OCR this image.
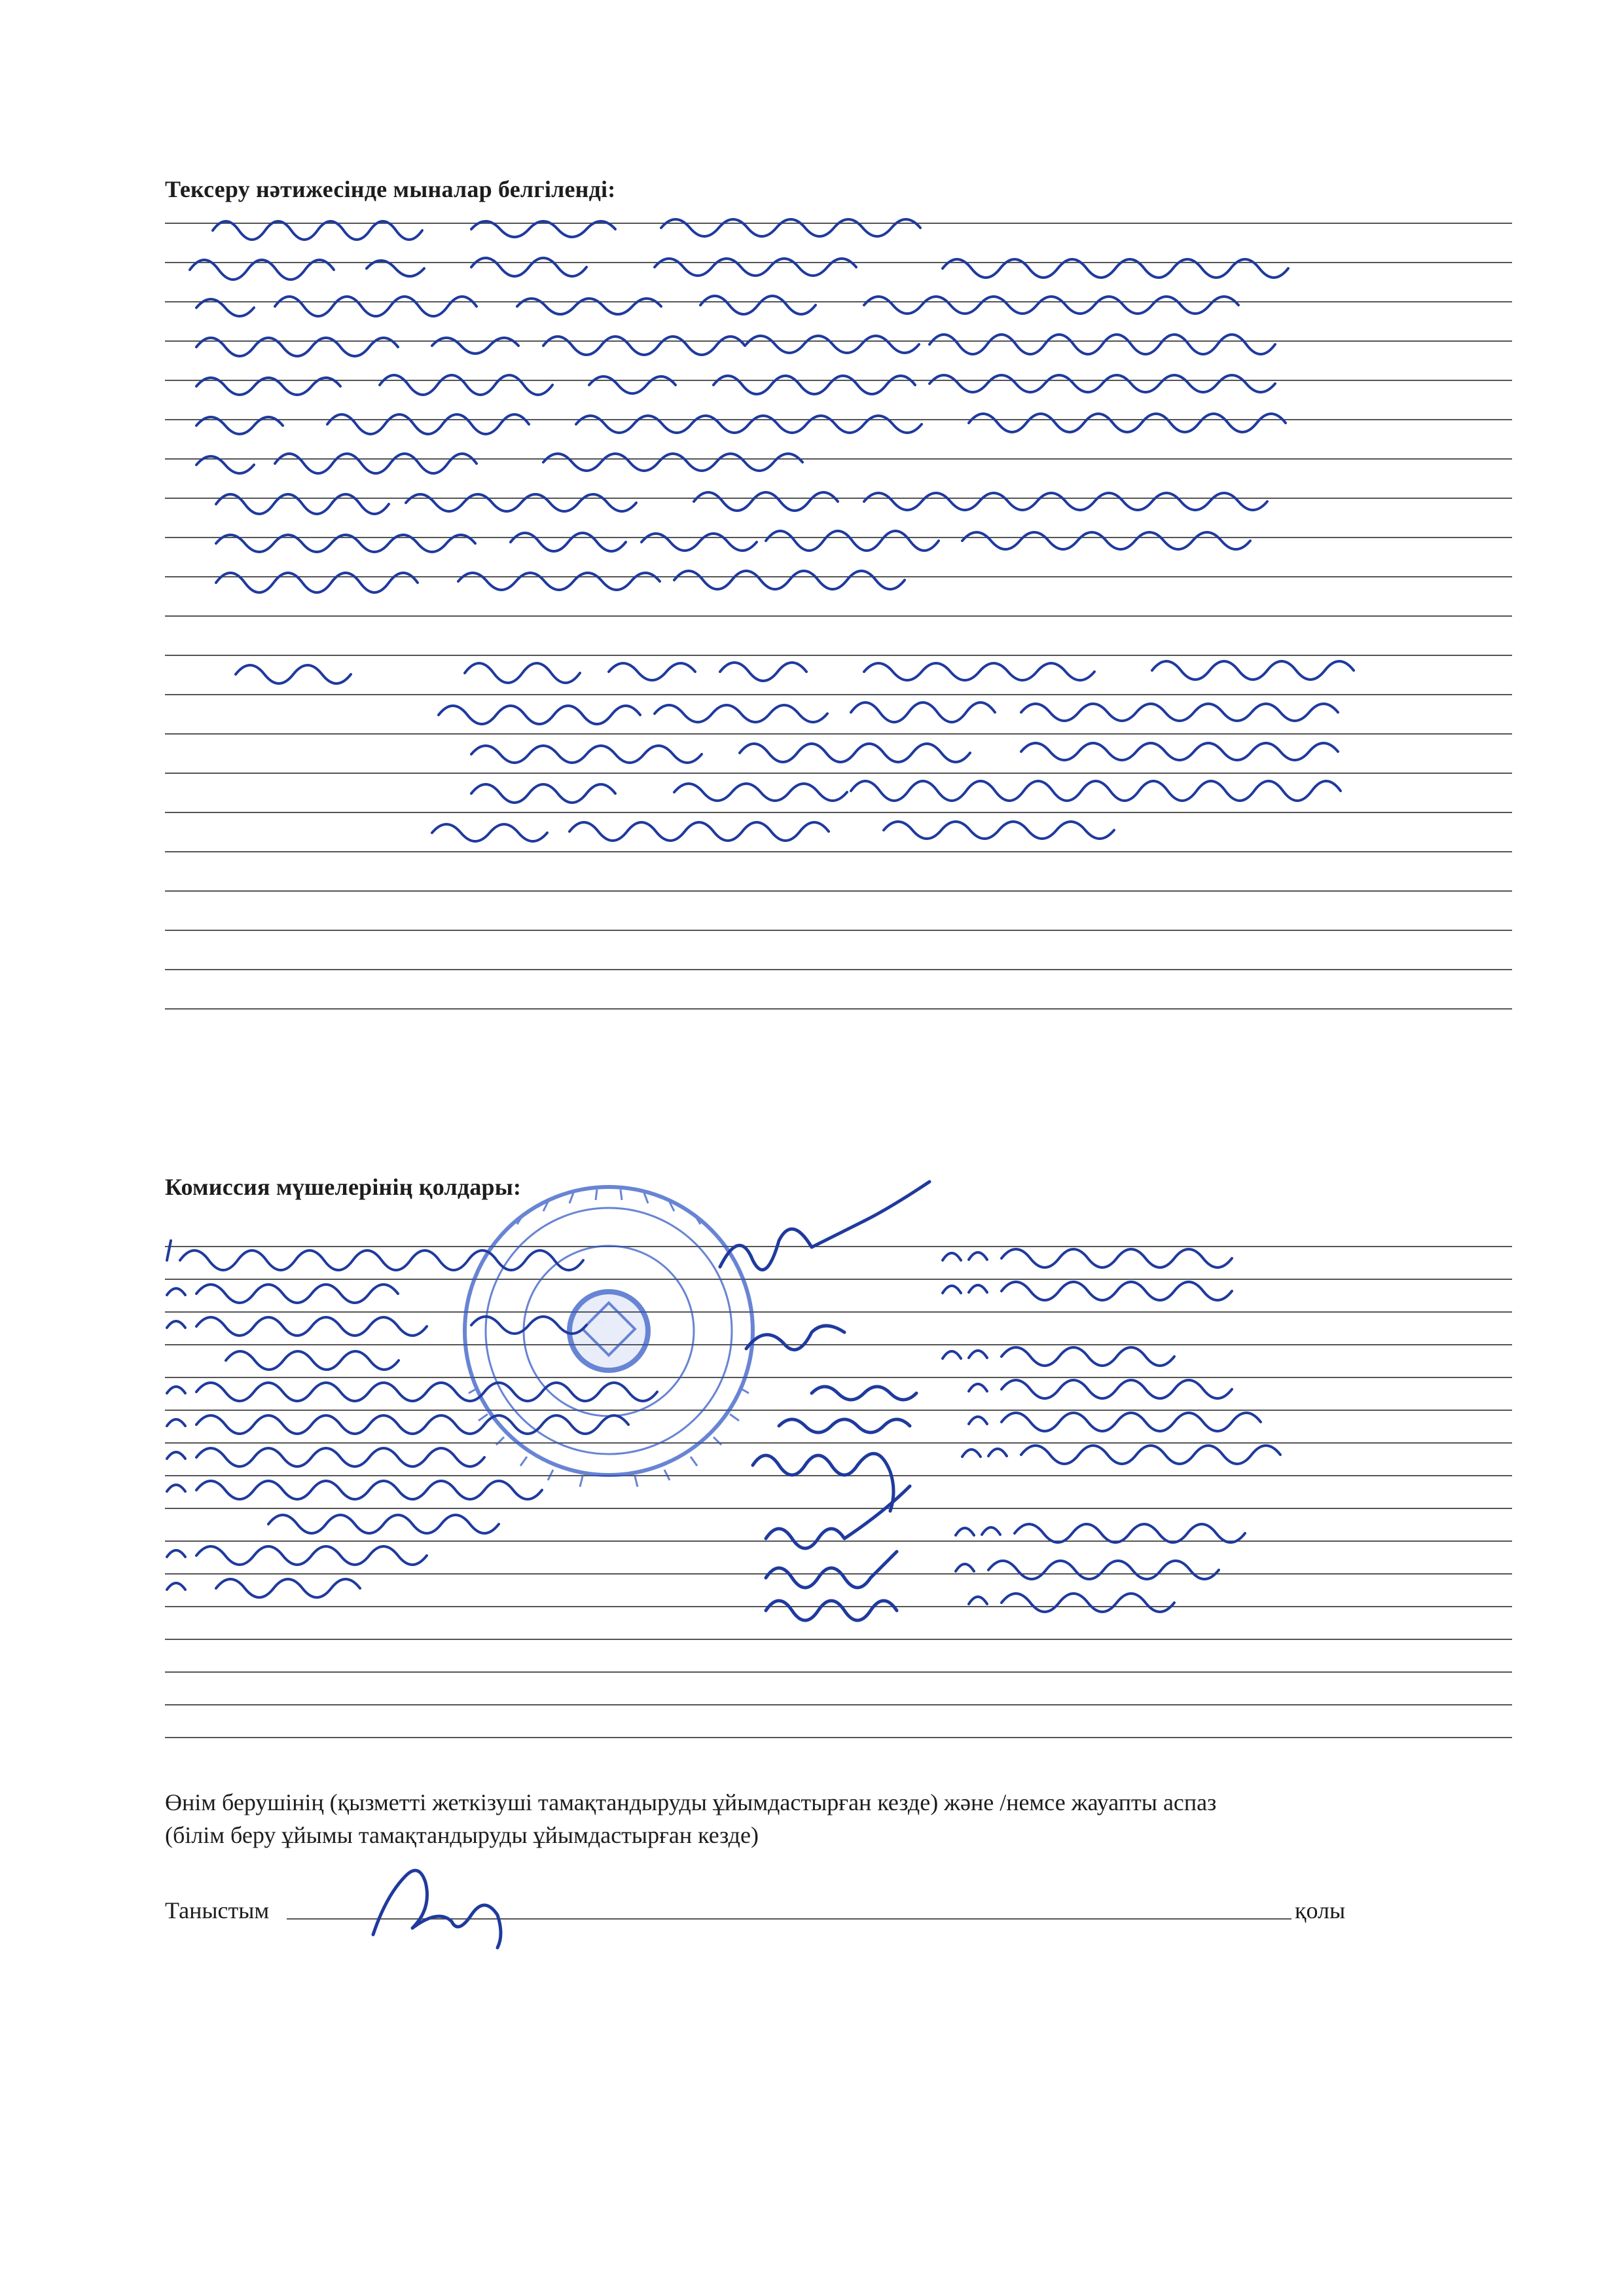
Тексеру нәтижесінде мыналар белгіленді:
Комиссия мүшелерінің қолдары:
Өнім берушінің (қызметті жеткізуші тамақтандыруды ұйымдастырған кезде) және /немсе жауапты аспаз
(білім беру ұйымы тамақтандыруды ұйымдастырған кезде)
Таныстым	қолы
